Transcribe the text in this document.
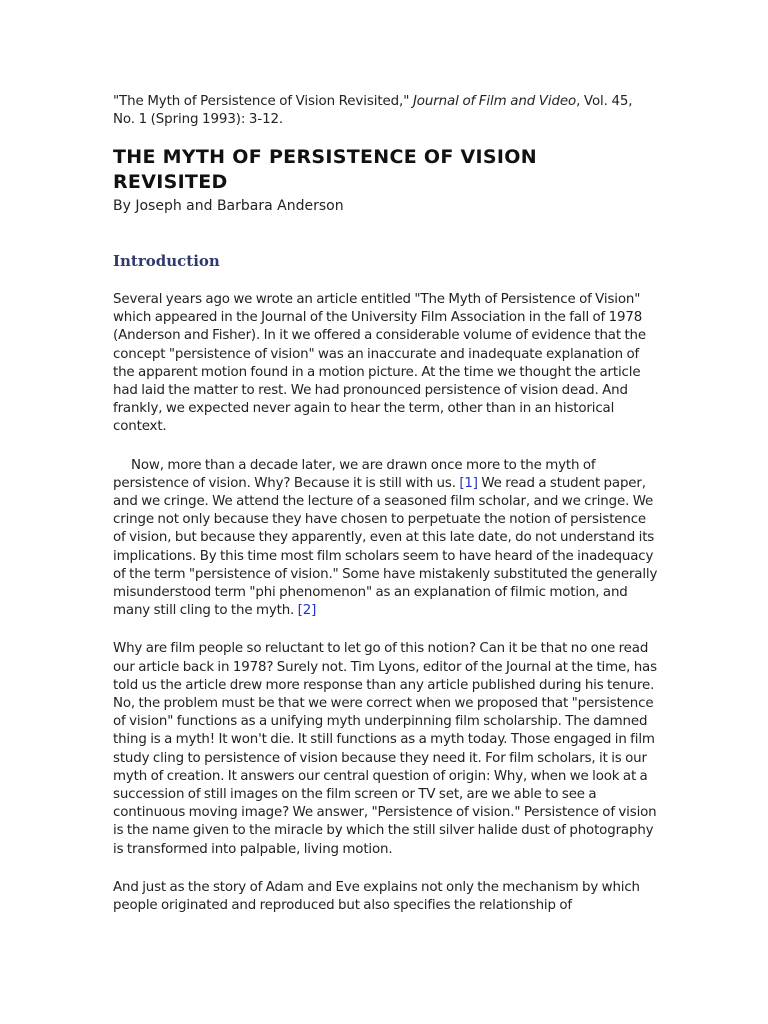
"The Myth of Persistence of Vision Revisited," Journal of Film and Video, Vol. 45, No. 1 (Spring 1993): 3-12.

THE MYTH OF PERSISTENCE OF VISION REVISITED

By Joseph and Barbara Anderson

Introduction

Several years ago we wrote an article entitled "The Myth of Persistence of Vision" which appeared in the Journal of the University Film Association in the fall of 1978 (Anderson and Fisher). In it we offered a considerable volume of evidence that the concept "persistence of vision" was an inaccurate and inadequate explanation of the apparent motion found in a motion picture. At the time we thought the article had laid the matter to rest. We had pronounced persistence of vision dead. And frankly, we expected never again to hear the term, other than in an historical context.

Now, more than a decade later, we are drawn once more to the myth of persistence of vision. Why? Because it is still with us. [1] We read a student paper, and we cringe. We attend the lecture of a seasoned film scholar, and we cringe. We cringe not only because they have chosen to perpetuate the notion of persistence of vision, but because they apparently, even at this late date, do not understand its implications. By this time most film scholars seem to have heard of the inadequacy of the term "persistence of vision." Some have mistakenly substituted the generally misunderstood term "phi phenomenon" as an explanation of filmic motion, and many still cling to the myth. [2]

Why are film people so reluctant to let go of this notion? Can it be that no one read our article back in 1978? Surely not. Tim Lyons, editor of the Journal at the time, has told us the article drew more response than any article published during his tenure. No, the problem must be that we were correct when we proposed that "persistence of vision" functions as a unifying myth underpinning film scholarship. The damned thing is a myth! It won't die. It still functions as a myth today. Those engaged in film study cling to persistence of vision because they need it. For film scholars, it is our myth of creation. It answers our central question of origin: Why, when we look at a succession of still images on the film screen or TV set, are we able to see a continuous moving image? We answer, "Persistence of vision." Persistence of vision is the name given to the miracle by which the still silver halide dust of photography is transformed into palpable, living motion.

And just as the story of Adam and Eve explains not only the mechanism by which people originated and reproduced but also specifies the relationship of
